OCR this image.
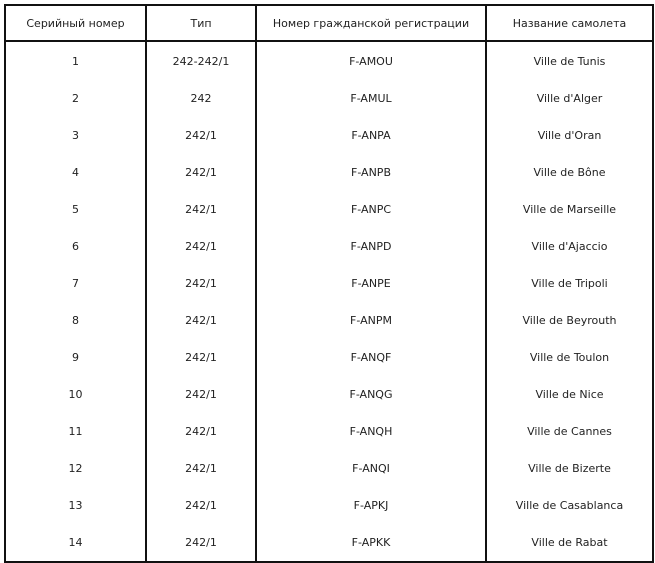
Серийный номер	Тип	Номер гражданской регистрации	Название самолета
1	242-242/1	F-AMOU	Ville de Tunis
2	242	F-AMUL	Ville d'Alger
3	242/1	F-ANPA	Ville d'Oran
4	242/1	F-ANPB	Ville de Bône
5	242/1	F-ANPC	Ville de Marseille
6	242/1	F-ANPD	Ville d'Ajaccio
7	242/1	F-ANPE	Ville de Tripoli
8	242/1	F-ANPM	Ville de Beyrouth
9	242/1	F-ANQF	Ville de Toulon
10	242/1	F-ANQG	Ville de Nice
11	242/1	F-ANQH	Ville de Cannes
12	242/1	F-ANQI	Ville de Bizerte
13	242/1	F-APKJ	Ville de Casablanca
14	242/1	F-APKK	Ville de Rabat
